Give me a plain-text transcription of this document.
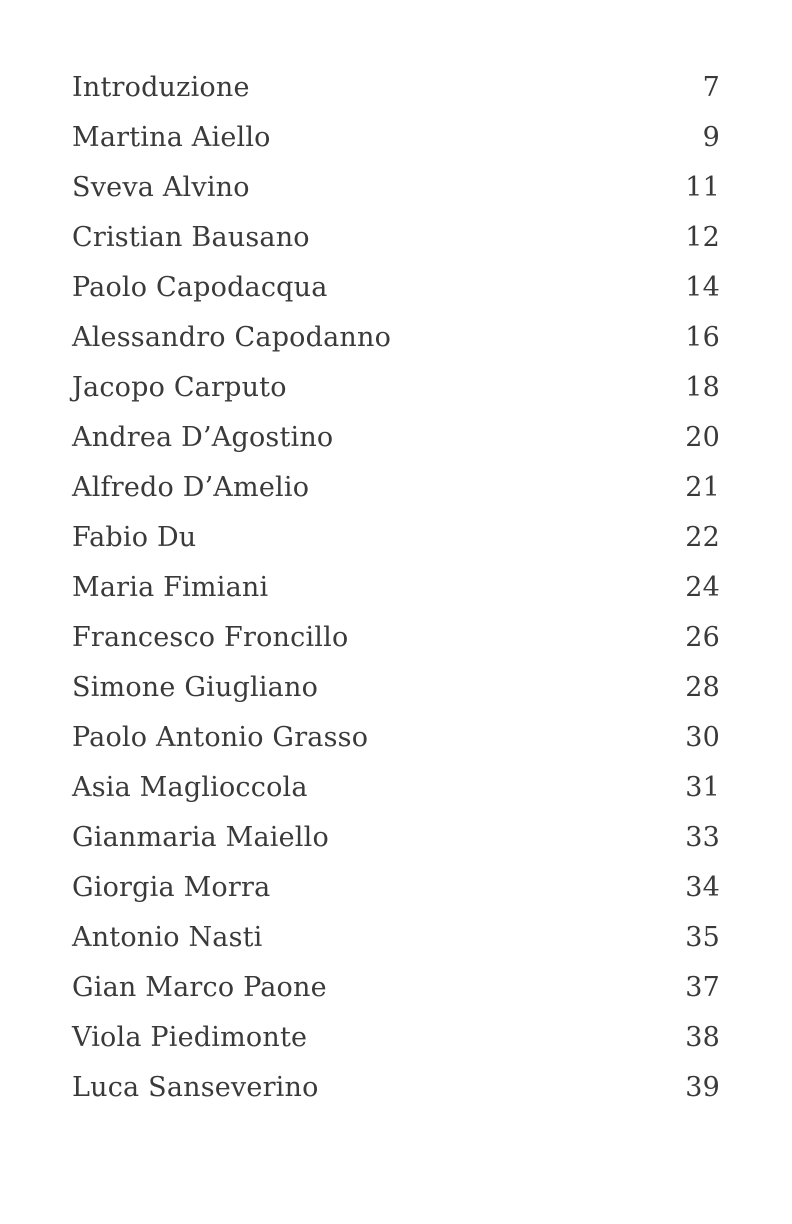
Introduzione	7
Martina Aiello	9
Sveva Alvino	11
Cristian Bausano	12
Paolo Capodacqua	14
Alessandro Capodanno	16
Jacopo Carputo	18
Andrea D’Agostino	20
Alfredo D’Amelio	21
Fabio Du	22
Maria Fimiani	24
Francesco Froncillo	26
Simone Giugliano	28
Paolo Antonio Grasso	30
Asia Maglioccola	31
Gianmaria Maiello	33
Giorgia Morra	34
Antonio Nasti	35
Gian Marco Paone	37
Viola Piedimonte	38
Luca Sanseverino	39
